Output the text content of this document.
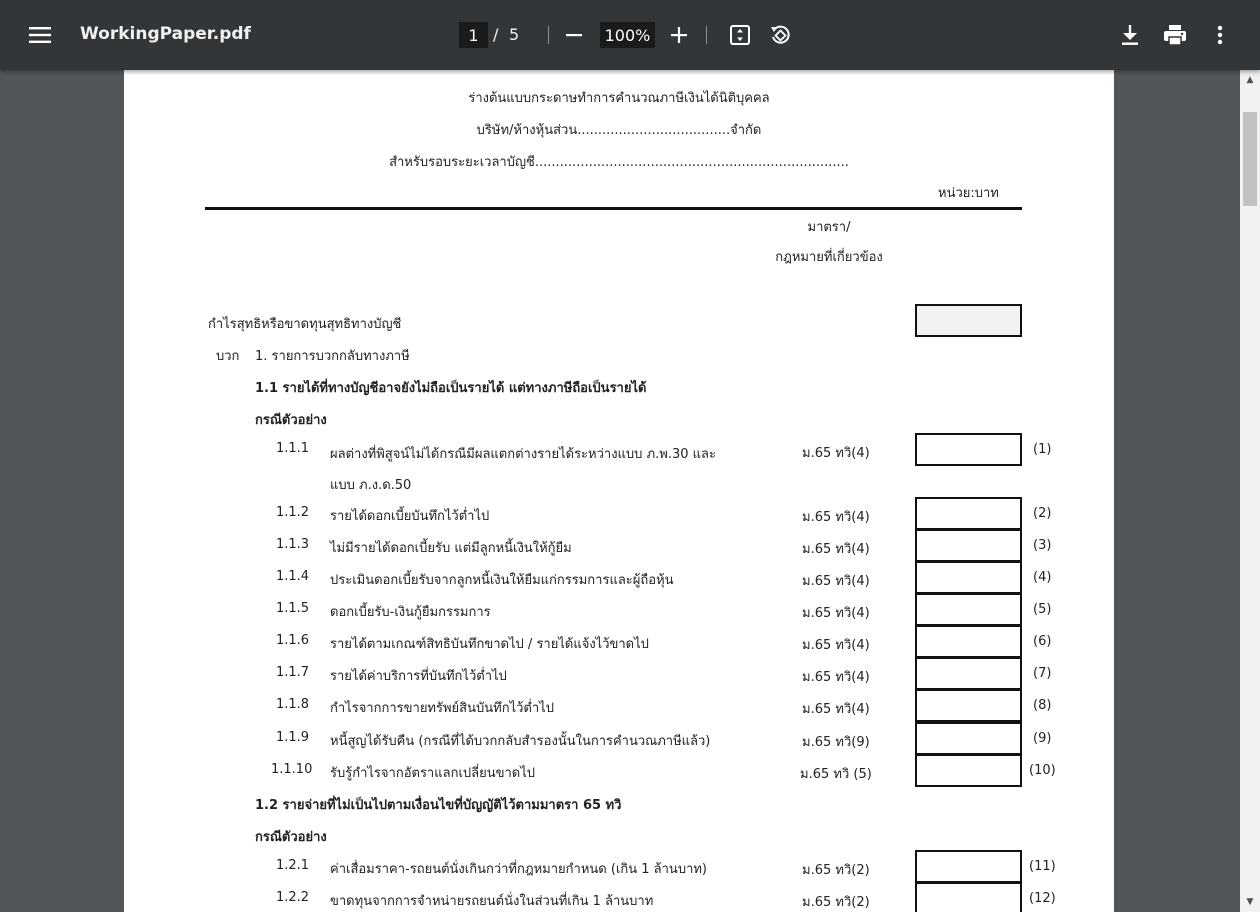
WorkingPaper.pdf	1 / 5	100%
ร่างต้นแบบกระดาษทำการคำนวณภาษีเงินได้นิติบุคคล
บริษัท/ห้างหุ้นส่วน.....................................จำกัด
สำหรับรอบระยะเวลาบัญชี............................................................................
หน่วย:บาท
มาตรา/
กฎหมายที่เกี่ยวข้อง
กำไรสุทธิหรือขาดทุนสุทธิทางบัญชี
บวก 1. รายการบวกกลับทางภาษี
1.1 รายได้ที่ทางบัญชีอาจยังไม่ถือเป็นรายได้ แต่ทางภาษีถือเป็นรายได้
กรณีตัวอย่าง
1.1.1 ผลต่างที่พิสูจน์ไม่ได้กรณีมีผลแตกต่างรายได้ระหว่างแบบ ภ.พ.30 และ
แบบ ภ.ง.ด.50
ม.65 ทวิ(4)	(1)
1.1.2 รายได้ดอกเบี้ยบันทึกไว้ต่ำไป	ม.65 ทวิ(4)	(2)
1.1.3 ไม่มีรายได้ดอกเบี้ยรับ แต่มีลูกหนี้เงินให้กู้ยืม	ม.65 ทวิ(4)	(3)
1.1.4 ประเมินดอกเบี้ยรับจากลูกหนี้เงินให้ยืมแก่กรรมการและผู้ถือหุ้น	ม.65 ทวิ(4)	(4)
1.1.5 ดอกเบี้ยรับ-เงินกู้ยืมกรรมการ	ม.65 ทวิ(4)	(5)
1.1.6 รายได้ตามเกณฑ์สิทธิบันทึกขาดไป / รายได้แจ้งไว้ขาดไป	ม.65 ทวิ(4)	(6)
1.1.7 รายได้ค่าบริการที่บันทึกไว้ต่ำไป	ม.65 ทวิ(4)	(7)
1.1.8 กำไรจากการขายทรัพย์สินบันทึกไว้ต่ำไป	ม.65 ทวิ(4)	(8)
1.1.9 หนี้สูญได้รับคืน (กรณีที่ได้บวกกลับสำรองนั้นในการคำนวณภาษีแล้ว)	ม.65 ทวิ(9)	(9)
1.1.10 รับรู้กำไรจากอัตราแลกเปลี่ยนขาดไป	ม.65 ทวิ (5)	(10)
1.2 รายจ่ายที่ไม่เป็นไปตามเงื่อนไขที่บัญญัติไว้ตามมาตรา 65 ทวิ
กรณีตัวอย่าง
1.2.1 ค่าเสื่อมราคา-รถยนต์นั่งเกินกว่าที่กฎหมายกำหนด (เกิน 1 ล้านบาท)	ม.65 ทวิ(2)	(11)
1.2.2 ขาดทุนจากการจำหน่ายรถยนต์นั่งในส่วนที่เกิน 1 ล้านบาท	ม.65 ทวิ(2)	(12)
▲
▼
